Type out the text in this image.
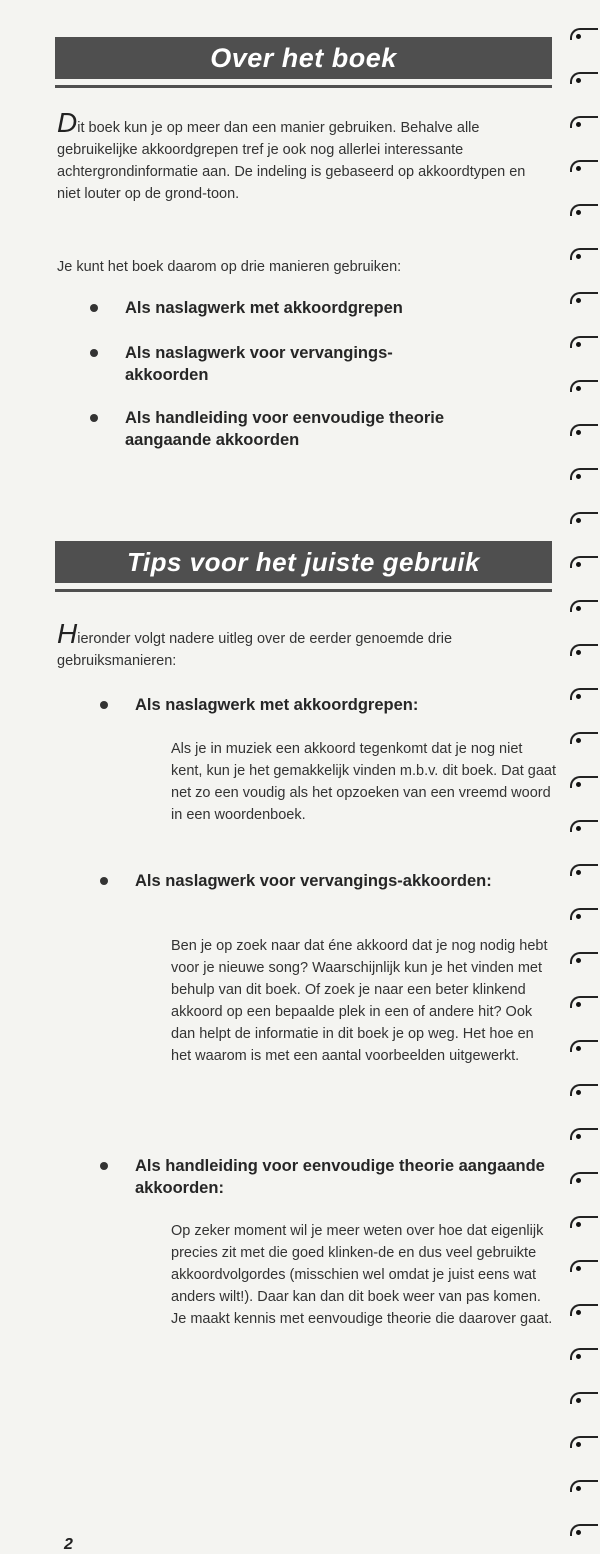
Over het boek

Dit boek kun je op meer dan een manier gebruiken. Behalve alle gebruikelijke akkoordgrepen tref je ook nog allerlei interessante achtergrondinformatie aan. De indeling is gebaseerd op akkoordtypen en niet louter op de grond-toon.

Je kunt het boek daarom op drie manieren gebruiken:

Als naslagwerk met akkoordgrepen
Als naslagwerk voor vervangings-akkoorden
Als handleiding voor eenvoudige theorie aangaande akkoorden
Tips voor het juiste gebruik

Hieronder volgt nadere uitleg over de eerder genoemde drie gebruiksmanieren:

Als naslagwerk met akkoordgrepen:

Als je in muziek een akkoord tegenkomt dat je nog niet kent, kun je het gemakkelijk vinden m.b.v. dit boek. Dat gaat net zo een voudig als het opzoeken van een vreemd woord in een woordenboek.

Als naslagwerk voor vervangings-akkoorden:

Ben je op zoek naar dat éne akkoord dat je nog nodig hebt voor je nieuwe song? Waarschijnlijk kun je het vinden met behulp van dit boek. Of zoek je naar een beter klinkend akkoord op een bepaalde plek in een of andere hit? Ook dan helpt de informatie in dit boek je op weg. Het hoe en het waarom is met een aantal voorbeelden uitgewerkt.

Als handleiding voor eenvoudige theorie aangaande akkoorden:

Op zeker moment wil je meer weten over hoe dat eigenlijk precies zit met die goed klinken-de en dus veel gebruikte akkoordvolgordes (misschien wel omdat je juist eens wat anders wilt!). Daar kan dan dit boek weer van pas komen. Je maakt kennis met eenvoudige theorie die daarover gaat.

2
